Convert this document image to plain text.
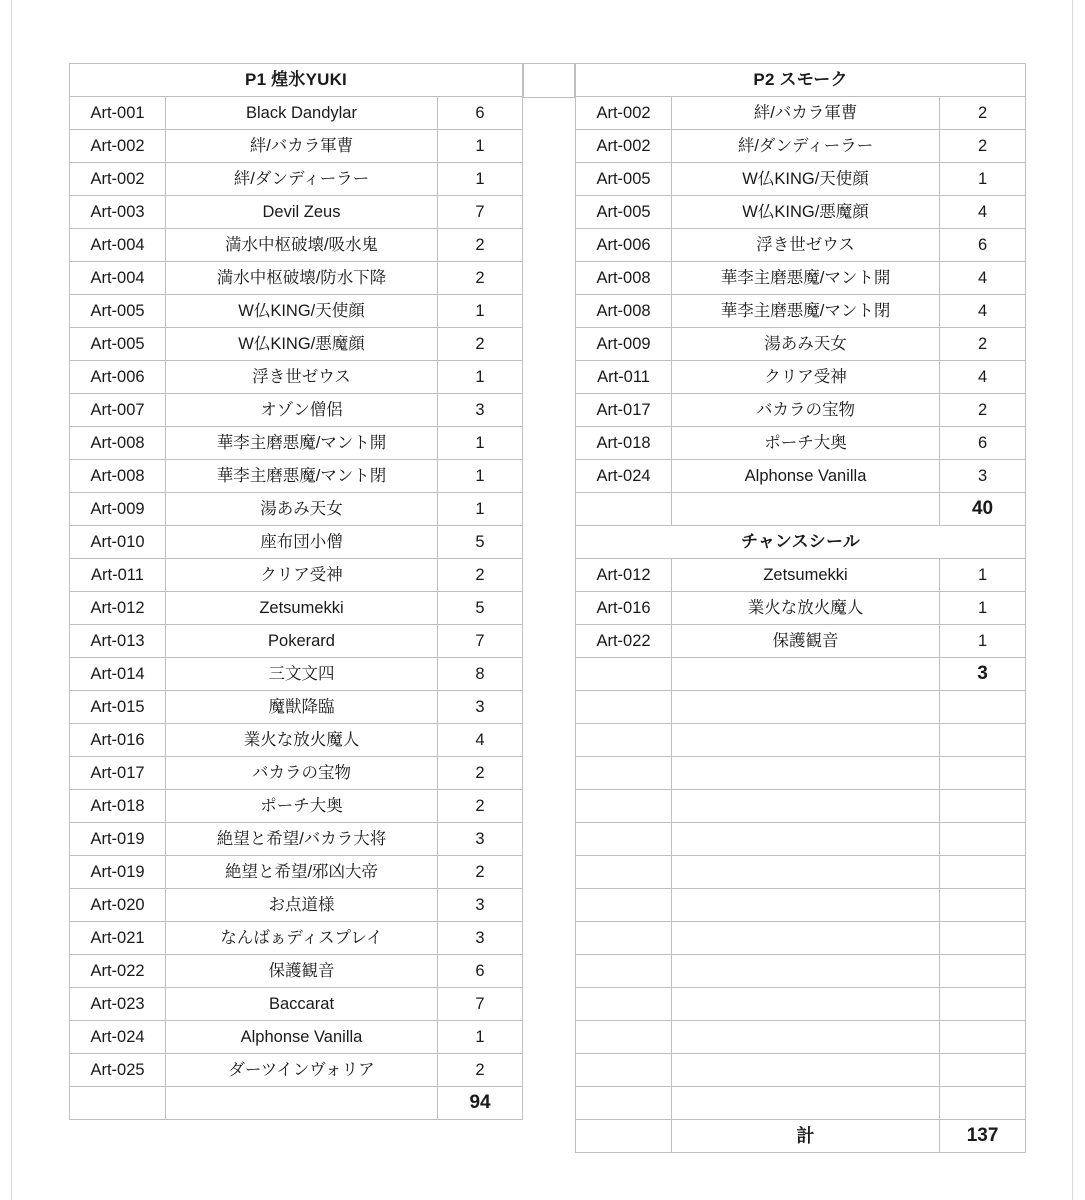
P1 煌氷YUKI		
Art-001	Black Dandylar	6
Art-002	絆/バカラ軍曹	1
Art-002	絆/ダンディーラー	1
Art-003	Devil Zeus	7
Art-004	満水中枢破壊/吸水鬼	2
Art-004	満水中枢破壊/防水下降	2
Art-005	W仏KING/天使顔	1
Art-005	W仏KING/悪魔顔	2
Art-006	浮き世ゼウス	1
Art-007	オゾン僧侶	3
Art-008	華李主磨悪魔/マント開	1
Art-008	華李主磨悪魔/マント閉	1
Art-009	湯あみ天女	1
Art-010	座布団小僧	5
Art-011	クリア受神	2
Art-012	Zetsumekki	5
Art-013	Pokerard	7
Art-014	三文文四	8
Art-015	魔獣降臨	3
Art-016	業火な放火魔人	4
Art-017	バカラの宝物	2
Art-018	ポーチ大奥	2
Art-019	絶望と希望/バカラ大将	3
Art-019	絶望と希望/邪凶大帝	2
Art-020	お点道様	3
Art-021	なんばぁディスプレイ	3
Art-022	保護観音	6
Art-023	Baccarat	7
Art-024	Alphonse Vanilla	1
Art-025	ダーツインヴォリア	2
		94
P2 スモーク		
Art-002	絆/バカラ軍曹	2
Art-002	絆/ダンディーラー	2
Art-005	W仏KING/天使顔	1
Art-005	W仏KING/悪魔顔	4
Art-006	浮き世ゼウス	6
Art-008	華李主磨悪魔/マント開	4
Art-008	華李主磨悪魔/マント閉	4
Art-009	湯あみ天女	2
Art-011	クリア受神	4
Art-017	バカラの宝物	2
Art-018	ポーチ大奥	6
Art-024	Alphonse Vanilla	3
		40
チャンスシール		
Art-012	Zetsumekki	1
Art-016	業火な放火魔人	1
Art-022	保護観音	1
		3

	計	137
